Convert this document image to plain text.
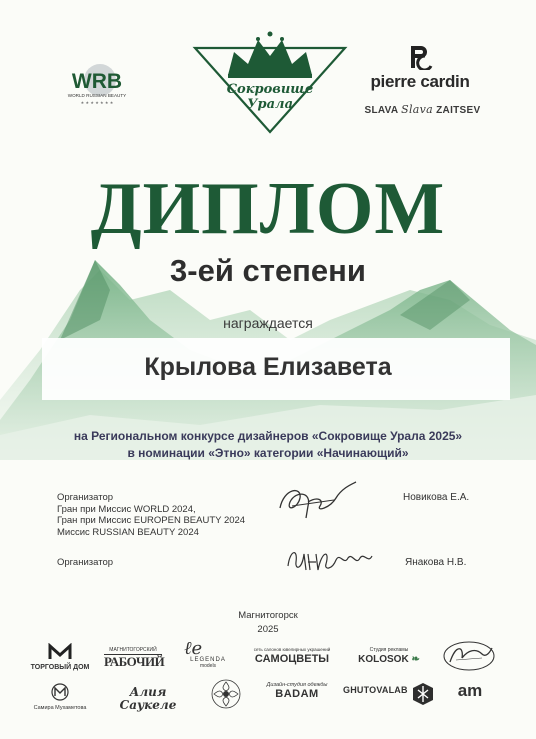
WRB
WORLD RUSSIAN BEAUTY
★ ★ ★ ★ ★ ★ ★
Сокровище
Урала
pierre cardin
SLAVA Slava ZAITSEV
ДИПЛОМ
3-ей степени
награждается
Крылова Елизавета
на Региональном конкурсе дизайнеров «Сокровище Урала 2025»
в номинации «Этно» категории «Начинающий»
Организатор
Гран при Миссис WORLD 2024,
Гран при Миссис EUROPEN BEAUTY 2024
Миссис RUSSIAN BEAUTY 2024
Новикова Е.А.
Организатор	Янакова Н.В.
Магнитогорск
2025
ТОРГОВЫЙ ДОМ
МАГНИТОГОРСКИЙ
РАБОЧИЙ
ℓe
LEGENDA
models
сеть салонов ювелирных украшений
САМОЦВЕТЫ
Студия рекламы
KOLOSOK ❧
Самира Мухаметова
Алия Саукеле
Дизайн-студия одежды
BADAM	GHUTOVALAB	am
